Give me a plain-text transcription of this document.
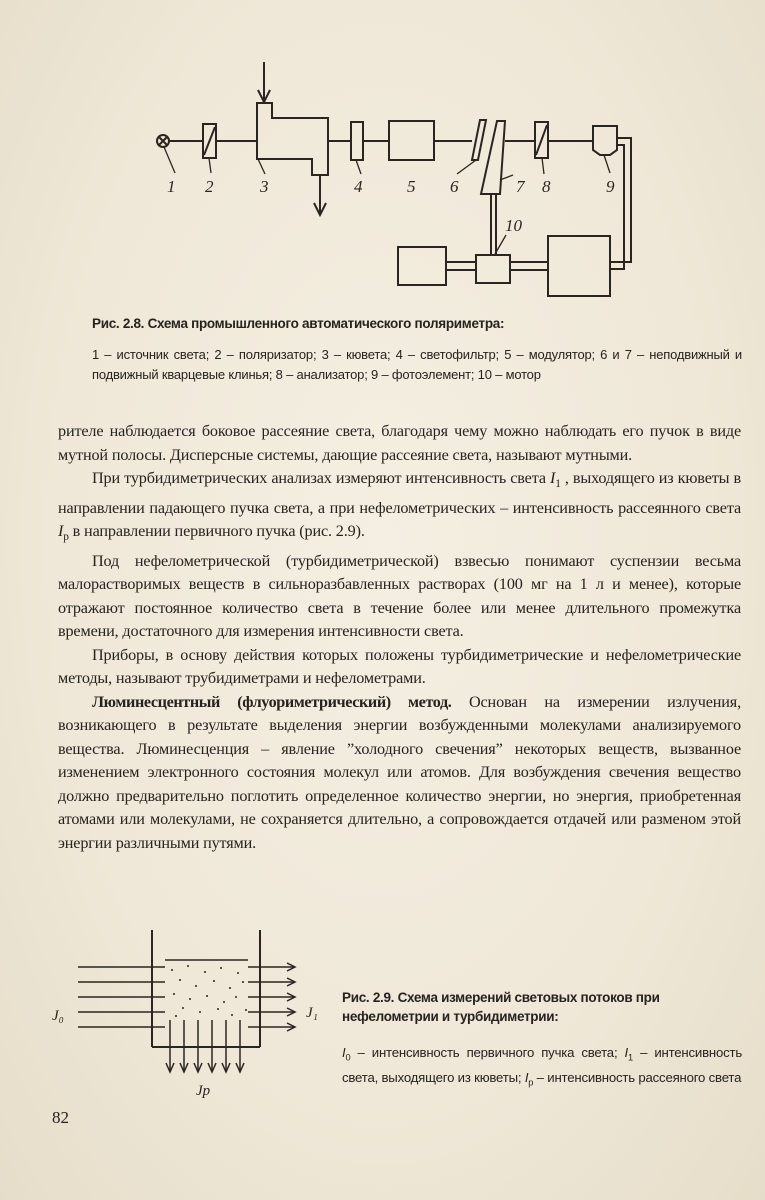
1 2	3	4	5 6	7 8	9
10
Рис. 2.8. Схема промышленного автоматического поляриметра:
1 – источник света; 2 – поляризатор; 3 – кювета; 4 – светофильтр; 5 – модулятор; 6 и 7 – неподвижный и подвижный кварцевые клинья; 8 – анализатор; 9 – фотоэлемент; 10 – мотор

рителе наблюдается боковое рассеяние света, благодаря чему можно наблюдать его пучок в виде мутной полосы. Дисперсные системы, дающие рассеяние света, называют мутными.

При турбидиметрических анализах измеряют интенсивность света $I_1$ , выходящего из кюветы в направлении падающего пучка света, а при нефелометрических – интенсивность рассеянного света $I_р$ в направлении первичного пучка (рис. 2.9).

Под нефелометрической (турбидиметрической) взвесью понимают суспензии весьма малорастворимых веществ в сильноразбавленных растворах (100 мг на 1 л и менее), которые отражают постоянное количество света в течение более или менее длительного промежутка времени, достаточного для измерения интенсивности света.

Приборы, в основу действия которых положены турбидиметрические и нефелометрические методы, называют трубидиметрами и нефелометрами.

Люминесцентный (флуориметрический) метод. Основан на измерении излучения, возникающего в результате выделения энергии возбужденными молекулами анализируемого вещества. Люминесценция – явление ”холодного свечения” некоторых веществ, вызванное изменением электронного состояния молекул или атомов. Для возбуждения свечения вещество должно предварительно поглотить определенное количество энергии, но энергия, приобретенная атомами или молекулами, не сохраняется длительно, а сопровождается отдачей или разменом этой энергии различными путями.

J₀	J₁
Jр
Рис. 2.9. Схема измерений световых потоков при нефелометрии и турбидиметрии:
$I_0$ – интенсивность первичного пучка света; $I_1$ – интенсивность света, выходящего из кюветы; $I_р$ – интенсивность рассеяного света
82
